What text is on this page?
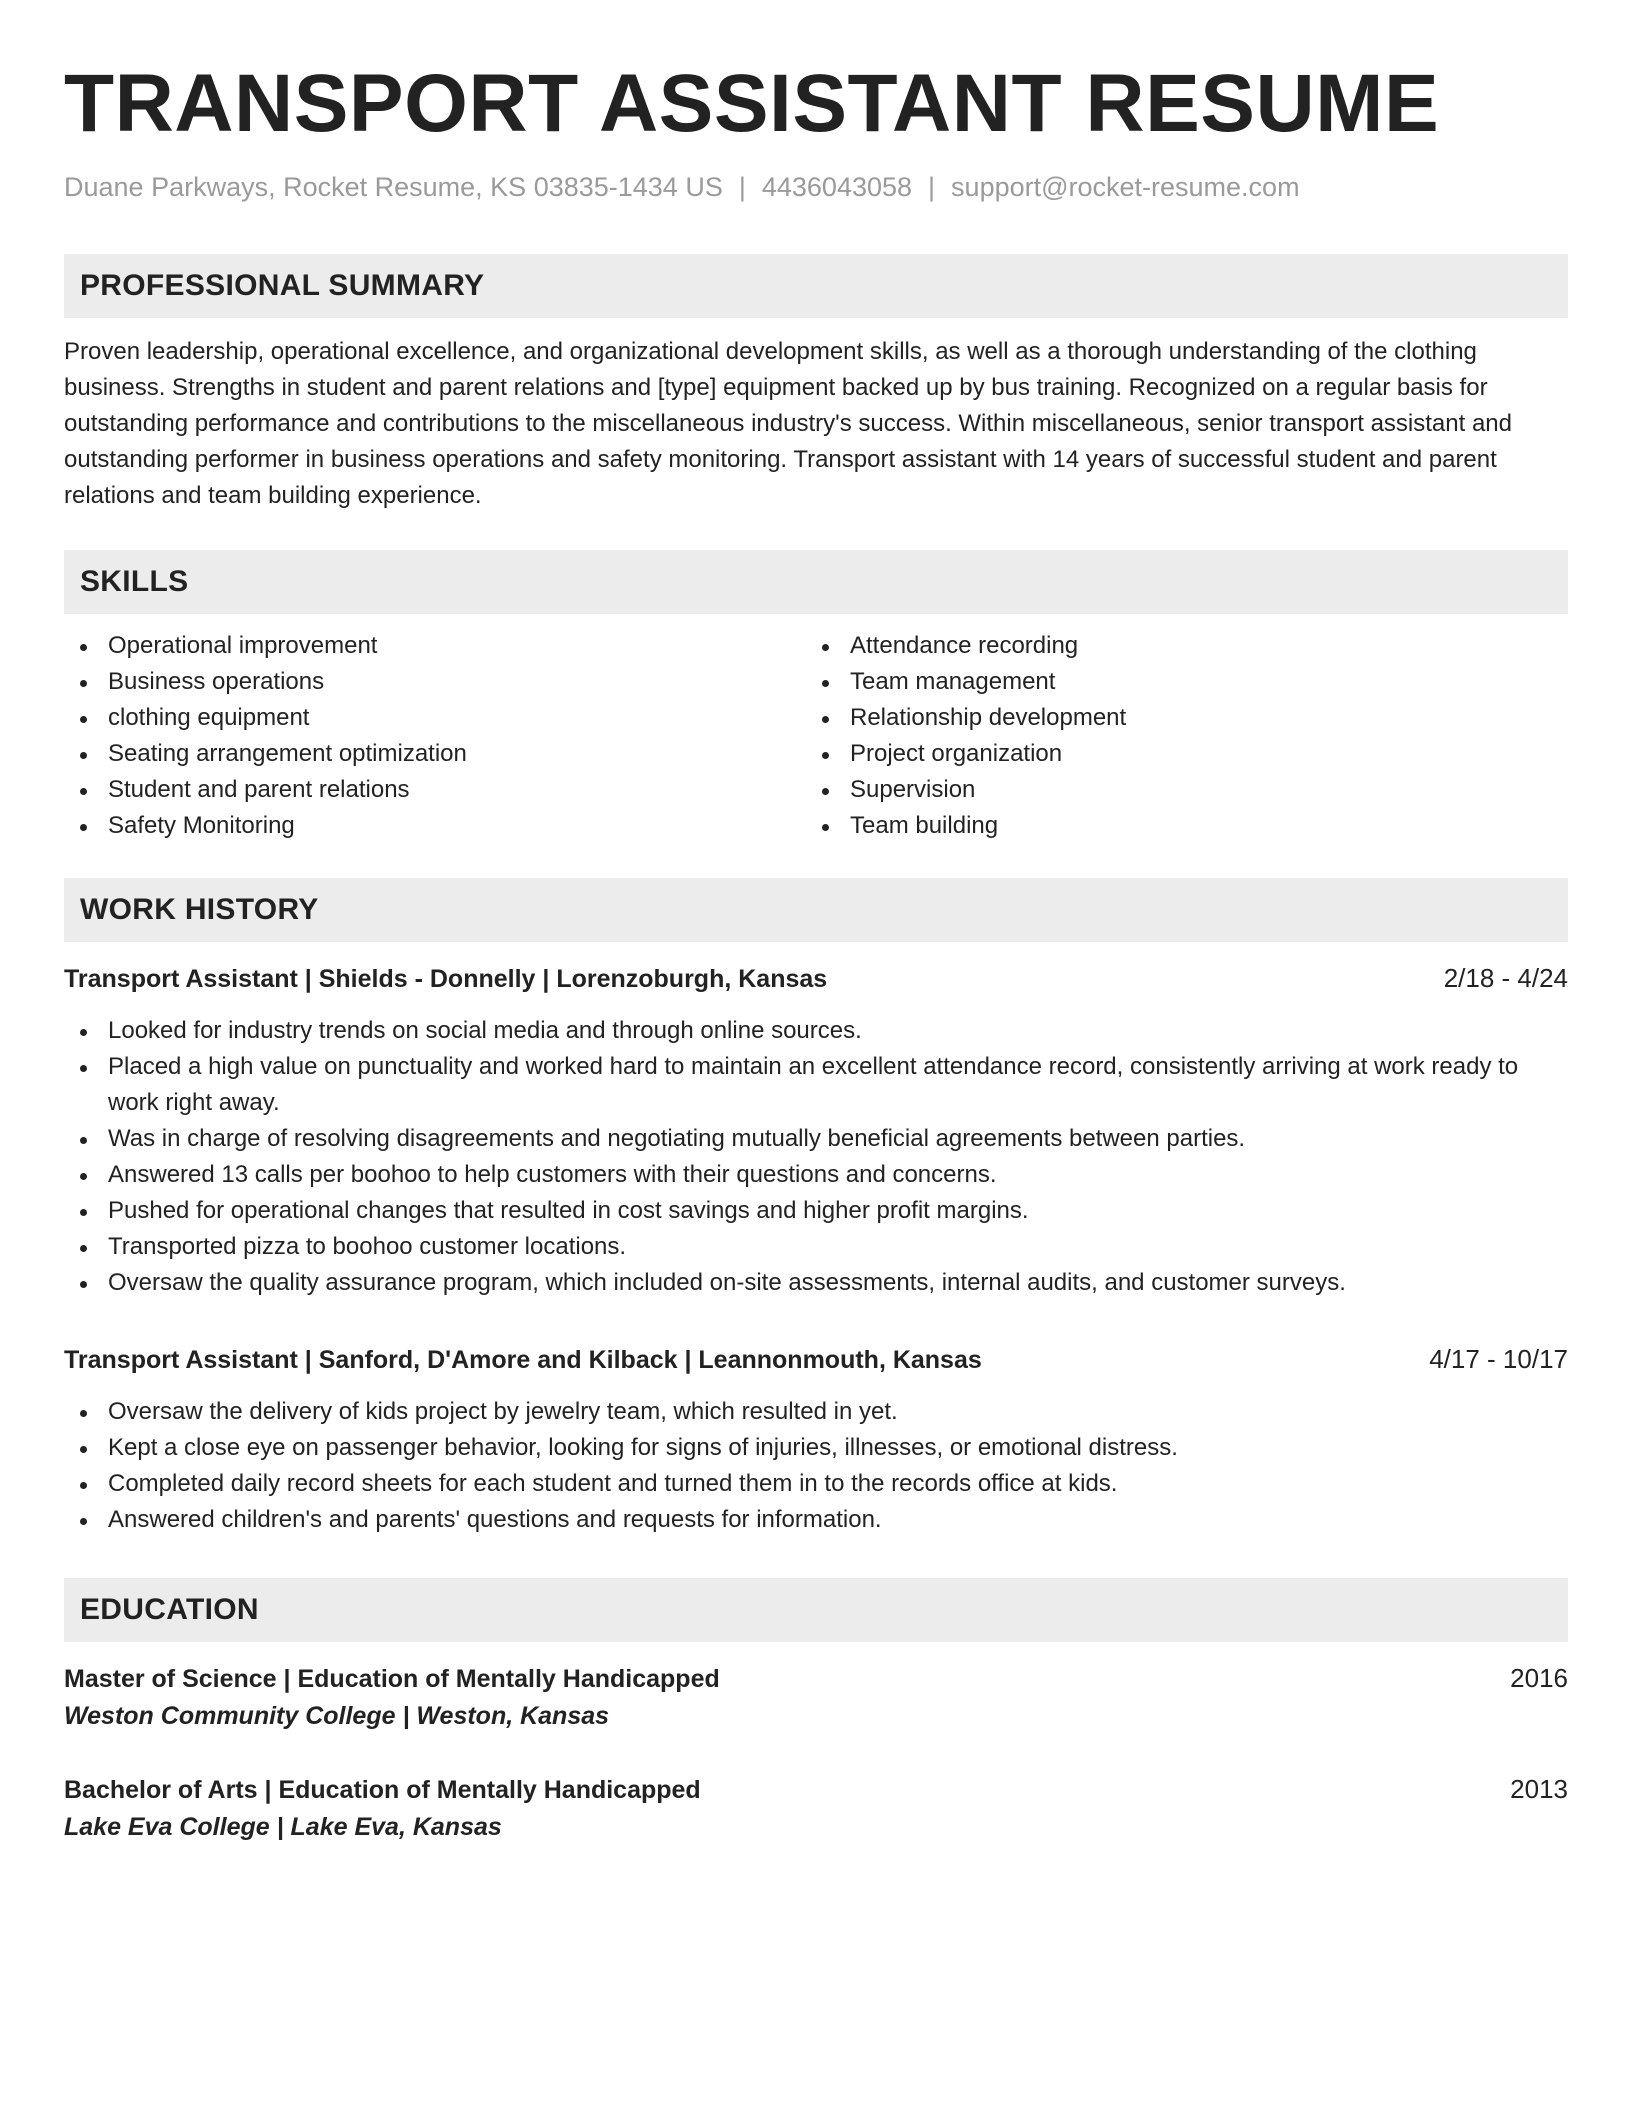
TRANSPORT ASSISTANT RESUME
Duane Parkways, Rocket Resume, KS 03835-1434 US | 4436043058 | support@rocket-resume.com
PROFESSIONAL SUMMARY

Proven leadership, operational excellence, and organizational development skills, as well as a thorough understanding of the clothing business. Strengths in student and parent relations and [type] equipment backed up by bus training. Recognized on a regular basis for outstanding performance and contributions to the miscellaneous industry's success. Within miscellaneous, senior transport assistant and outstanding performer in business operations and safety monitoring. Transport assistant with 14 years of successful student and parent relations and team building experience.

SKILLS
Operational improvement
Business operations
clothing equipment
Seating arrangement optimization
Student and parent relations
Safety Monitoring
Attendance recording
Team management
Relationship development
Project organization
Supervision
Team building
WORK HISTORY
Transport Assistant | Shields - Donnelly | Lorenzoburgh, Kansas	2/18 - 4/24
Looked for industry trends on social media and through online sources.
Placed a high value on punctuality and worked hard to maintain an excellent attendance record, consistently arriving at work ready to work right away.
Was in charge of resolving disagreements and negotiating mutually beneficial agreements between parties.
Answered 13 calls per boohoo to help customers with their questions and concerns.
Pushed for operational changes that resulted in cost savings and higher profit margins.
Transported pizza to boohoo customer locations.
Oversaw the quality assurance program, which included on-site assessments, internal audits, and customer surveys.
Transport Assistant | Sanford, D'Amore and Kilback | Leannonmouth, Kansas	4/17 - 10/17
Oversaw the delivery of kids project by jewelry team, which resulted in yet.
Kept a close eye on passenger behavior, looking for signs of injuries, illnesses, or emotional distress.
Completed daily record sheets for each student and turned them in to the records office at kids.
Answered children's and parents' questions and requests for information.
EDUCATION
Master of Science | Education of Mentally Handicapped	2016
Weston Community College | Weston, Kansas
Bachelor of Arts | Education of Mentally Handicapped	2013
Lake Eva College | Lake Eva, Kansas
